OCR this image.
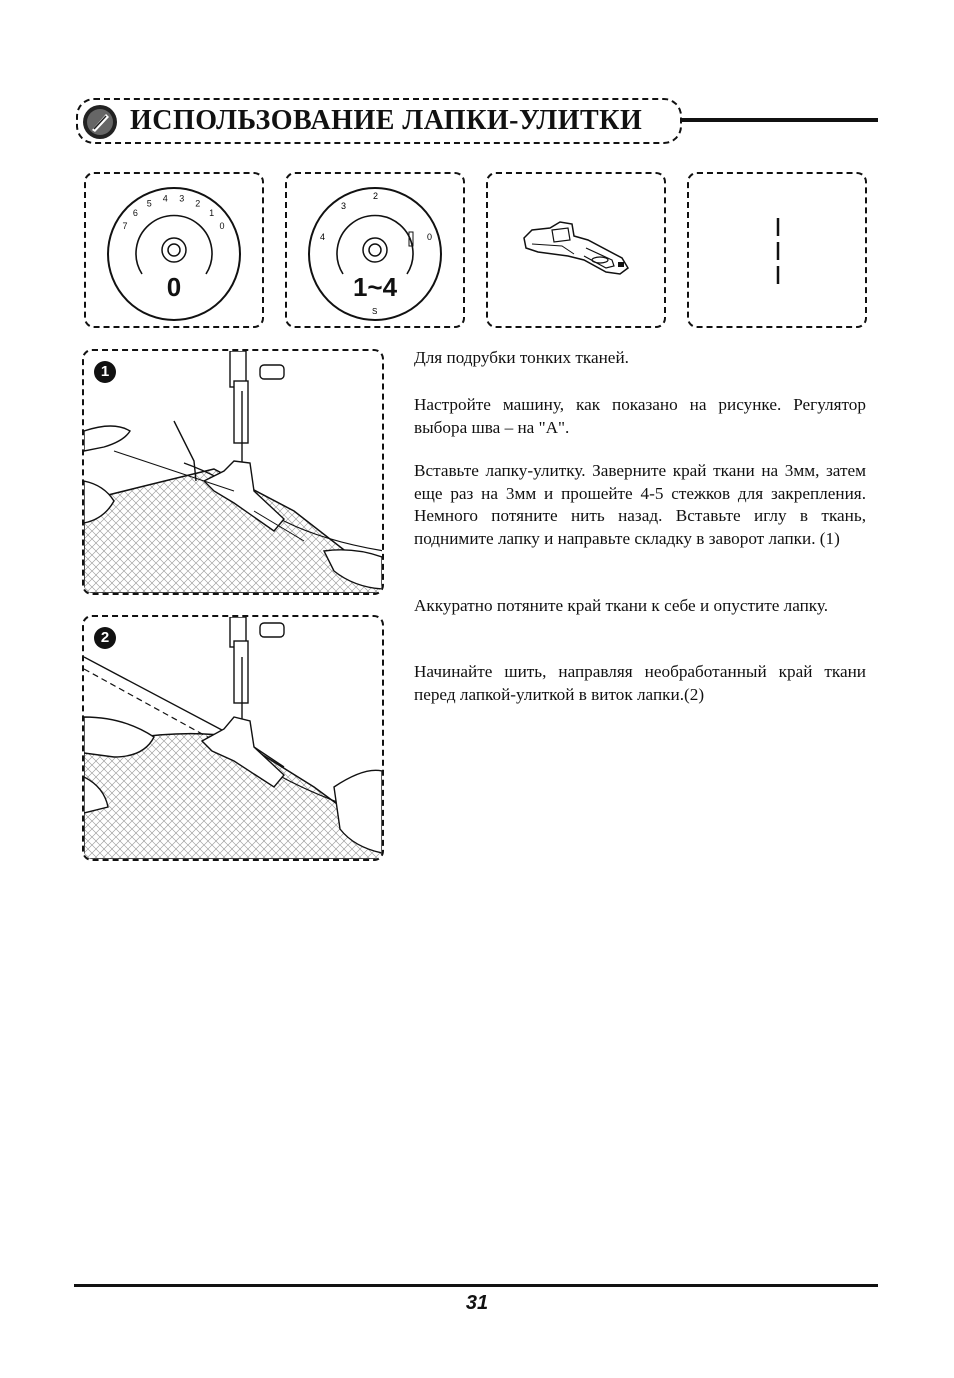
ИСПОЛЬЗОВАНИЕ ЛАПКИ-УЛИТКИ
7
6
5 4 3 2
1
0
0
4
3
2
0
S
1~4
1
2

Для подрубки тонких тканей.

Настройте машину, как показано на рисунке. Регулятор выбора шва – на "A".

Вставьте лапку-улитку. Заверните край ткани на 3мм, затем еще раз на 3мм и прошейте 4-5 стежков для закрепления. Немного потяните нить назад. Вставьте иглу в ткань, поднимите лапку и направьте складку в заворот лапки. (1)

Аккуратно потяните край ткани к себе и опустите лапку.

Начинайте шить, направляя необработанный край ткани перед лапкой-улиткой в виток лапки.(2)

31
